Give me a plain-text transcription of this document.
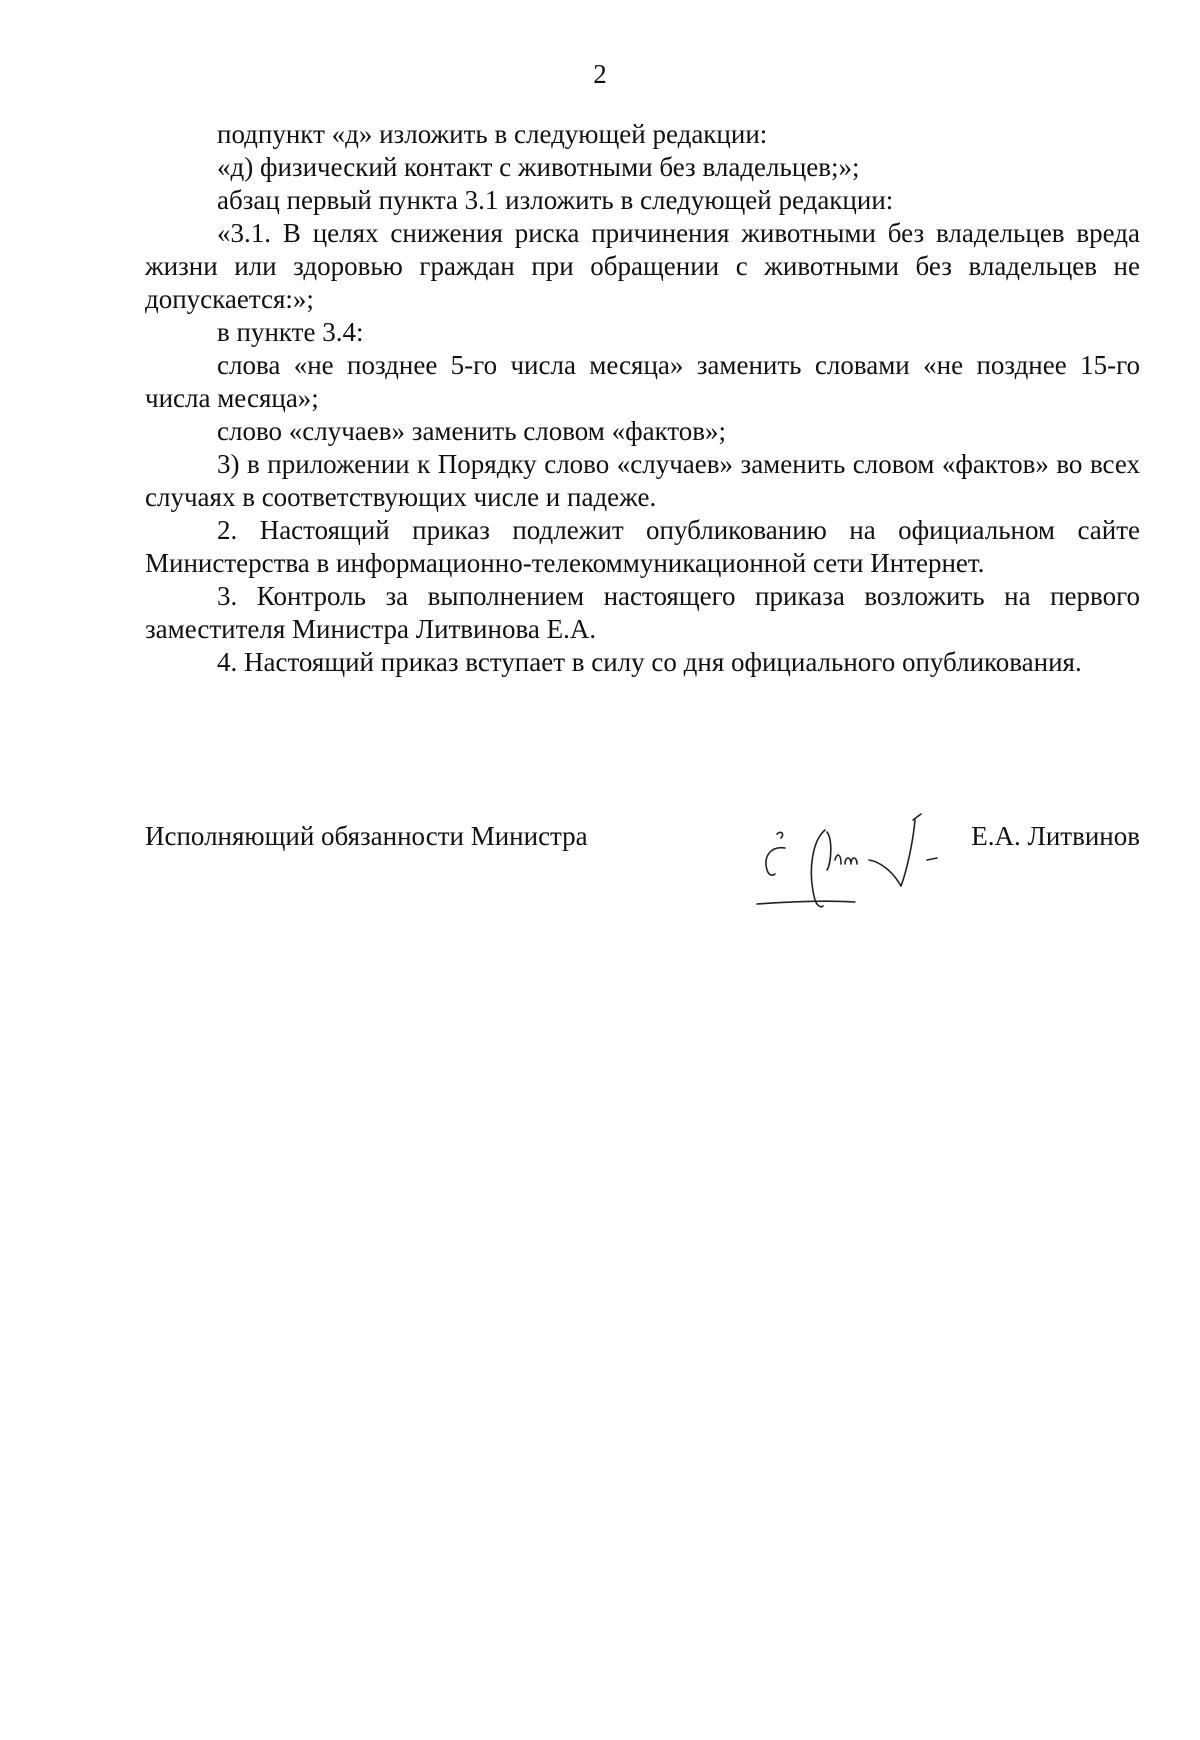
2

подпункт «д» изложить в следующей редакции:

«д) физический контакт с животными без владельцев;»;

абзац первый пункта 3.1 изложить в следующей редакции:

«3.1. В целях снижения риска причинения животными без владельцев вреда жизни или здоровью граждан при обращении с животными без владельцев не допускается:»;

в пункте 3.4:

слова «не позднее 5-го числа месяца» заменить словами «не позднее 15-го числа месяца»;

слово «случаев» заменить словом «фактов»;

3) в приложении к Порядку слово «случаев» заменить словом «фактов» во всех случаях в соответствующих числе и падеже.

2. Настоящий приказ подлежит опубликованию на официальном сайте Министерства в информационно-телекоммуникационной сети Интернет.

3. Контроль за выполнением настоящего приказа возложить на первого заместителя Министра Литвинова Е.А.

4. Настоящий приказ вступает в силу со дня официального опубликования.

Исполняющий обязанности Министра	Е.А. Литвинов
